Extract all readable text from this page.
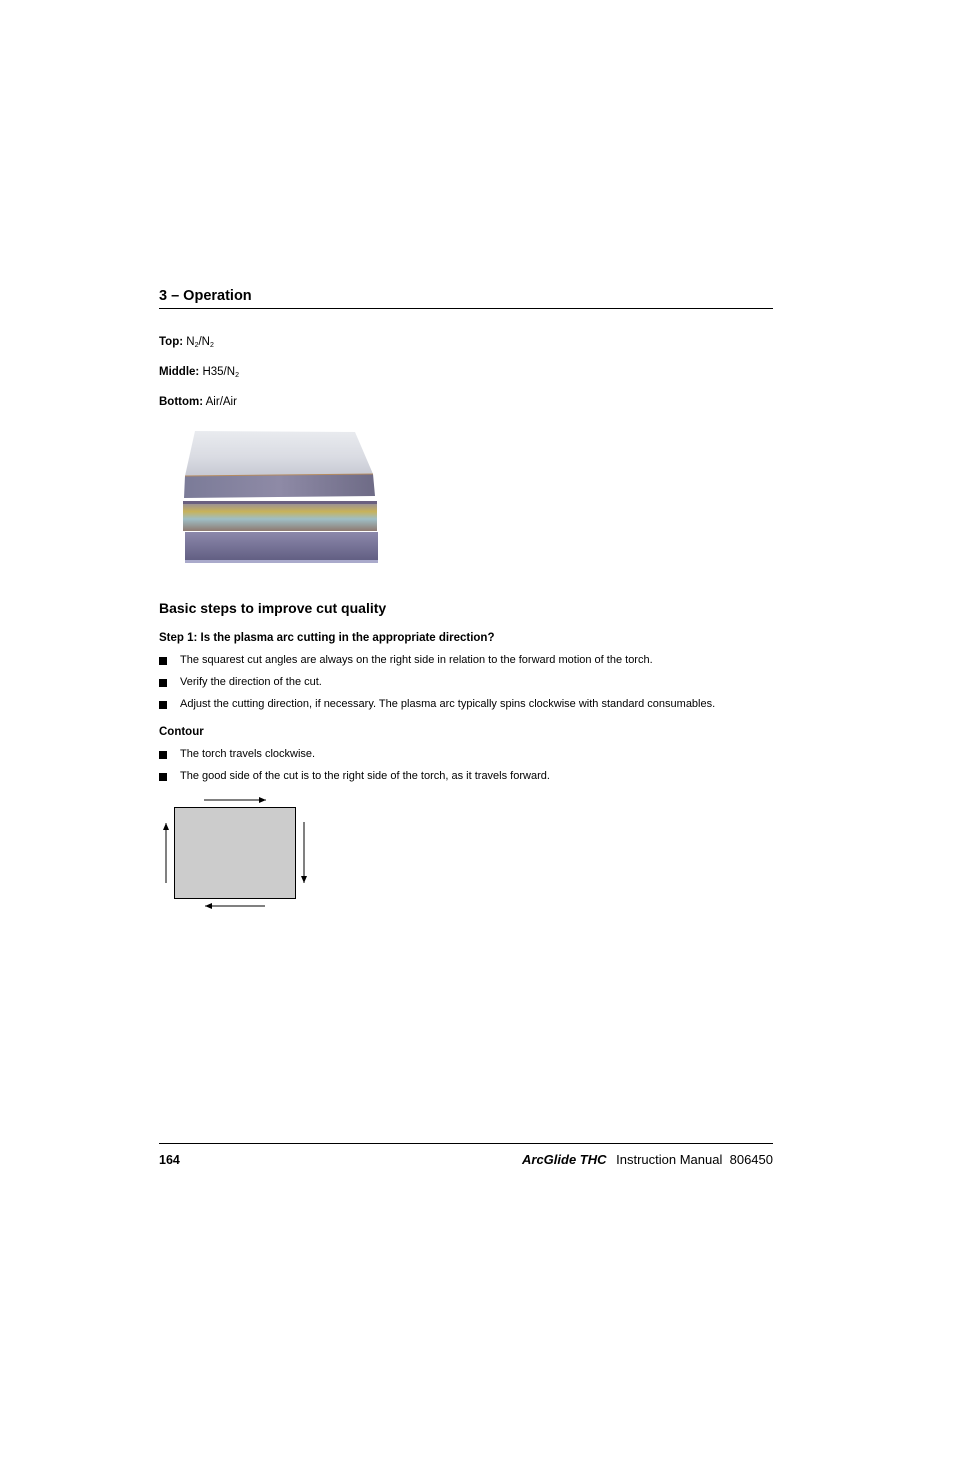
3 – Operation
Top: $N_2/N_2$
Middle: $H35/N_2$
Bottom: Air/Air
Basic steps to improve cut quality
Step 1: Is the plasma arc cutting in the appropriate direction?
The squarest cut angles are always on the right side in relation to the forward motion of the torch.
Verify the direction of the cut.
Adjust the cutting direction, if necessary. The plasma arc typically spins clockwise with standard consumables.
Contour
The torch travels clockwise.
The good side of the cut is to the right side of the torch, as it travels forward.
164	ArcGlide THC Instruction Manual 806450
